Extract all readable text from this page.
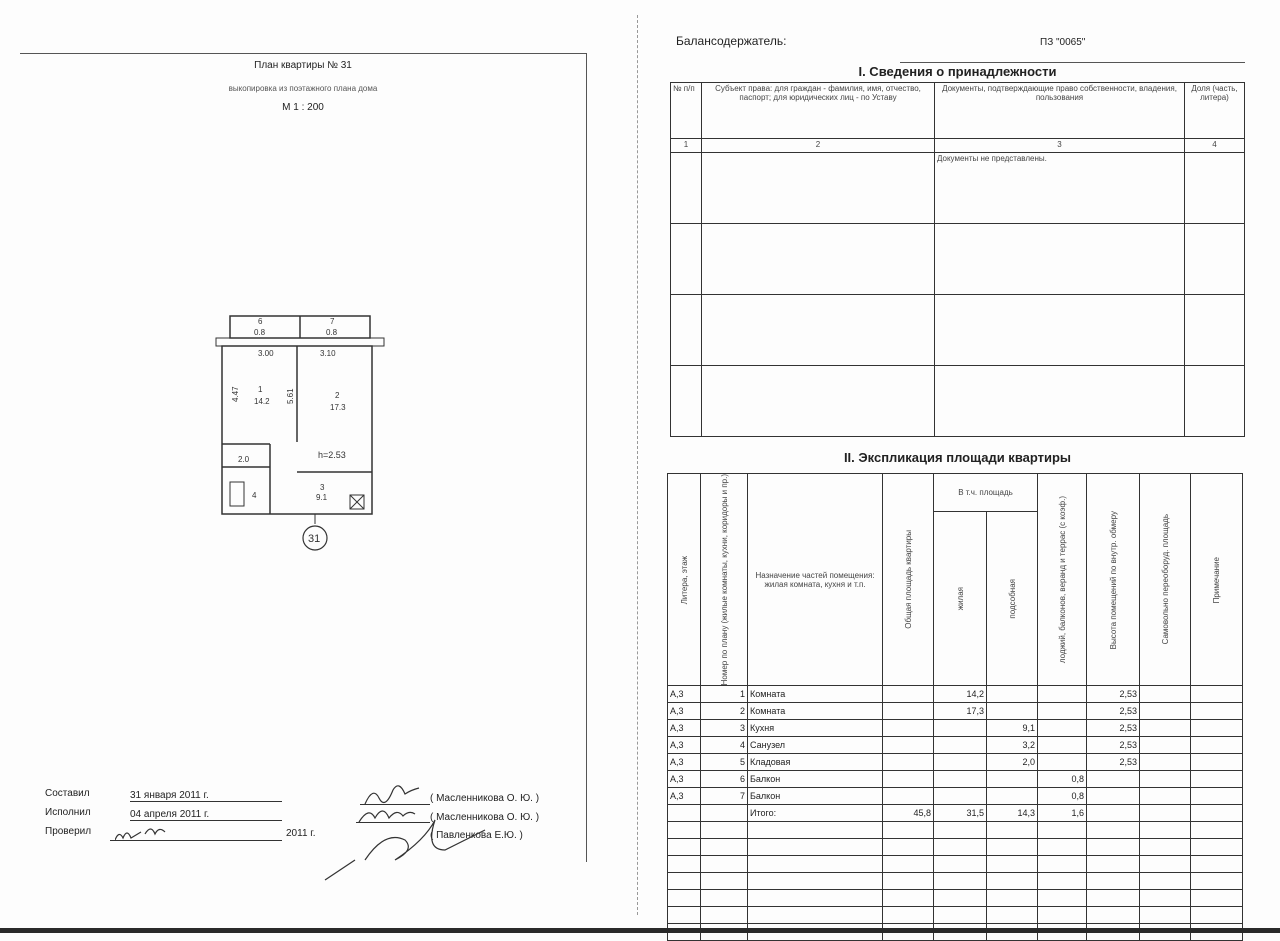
План квартиры № 31
выкопировка из поэтажного плана дома
М 1 : 200
6
0.8
7
0.8
3.00	3.10
1
14.2
4.47	2
17.3
5.61
h=2.53
2.0
3
9.1
4
31
Составил	31 января 2011 г.	( Масленникова О. Ю. )
Исполнил	04 апреля 2011 г.	( Масленникова О. Ю. )
Проверил	2011 г.	( Павленкова Е.Ю. )
Балансодержатель:	ПЗ "0065"
I. Сведения о принадлежности
№ п/п	Субъект права: для граждан - фамилия, имя, отчество, паспорт; для юридических лиц - по Уставу	Документы, подтверждающие право собственности, владения, пользования	Доля (часть, литера)
1	2	3	4
		Документы не представлены.	

II. Экспликация площади квартиры
Литера, этаж	Номер по плану (жилые комнаты, кухни, коридоры и пр.)	Назначение частей помещения: жилая комната, кухня и т.п.	Общая площадь квартиры	В т.ч. площадь		лоджий, балконов, веранд и террас (с коэф.)	Высота помещений по внутр. обмеру	Самовольно переоборуд. площадь	Примечание

				жилая	подсобная				

А,3	1	Комната		14,2			2,53		
А,3	2	Комната		17,3			2,53		
А,3	3	Кухня			9,1		2,53		
А,3	4	Санузел			3,2		2,53		
А,3	5	Кладовая			2,0		2,53		
А,3	6	Балкон				0,8			
А,3	7	Балкон				0,8			
		Итого:	45,8	31,5	14,3	1,6			
